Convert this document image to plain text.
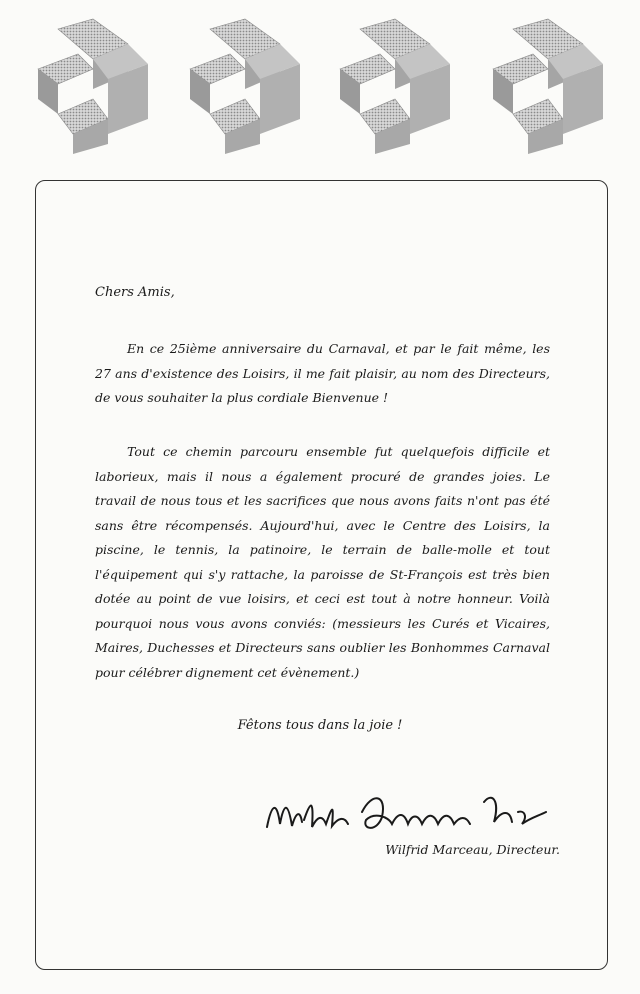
Chers Amis,

En ce 25ième anniversaire du Carnaval, et par le fait même, les 27 ans d'existence des Loisirs, il me fait plaisir, au nom des Directeurs, de vous souhaiter la plus cordiale Bienvenue !

Tout ce chemin parcouru ensemble fut quelquefois difficile et laborieux, mais il nous a également procuré de grandes joies. Le travail de nous tous et les sacrifices que nous avons faits n'ont pas été sans être récompensés. Aujourd'hui, avec le Centre des Loisirs, la piscine, le tennis, la patinoire, le terrain de balle-molle et tout l'équipement qui s'y rattache, la paroisse de St-François est très bien dotée au point de vue loisirs, et ceci est tout à notre honneur. Voilà pourquoi nous vous avons conviés: (messieurs les Curés et Vicaires, Maires, Duchesses et Directeurs sans oublier les Bonhommes Carnaval pour célébrer dignement cet évènement.)

Fêtons tous dans la joie !
Wilfrid Marceau, Directeur.
